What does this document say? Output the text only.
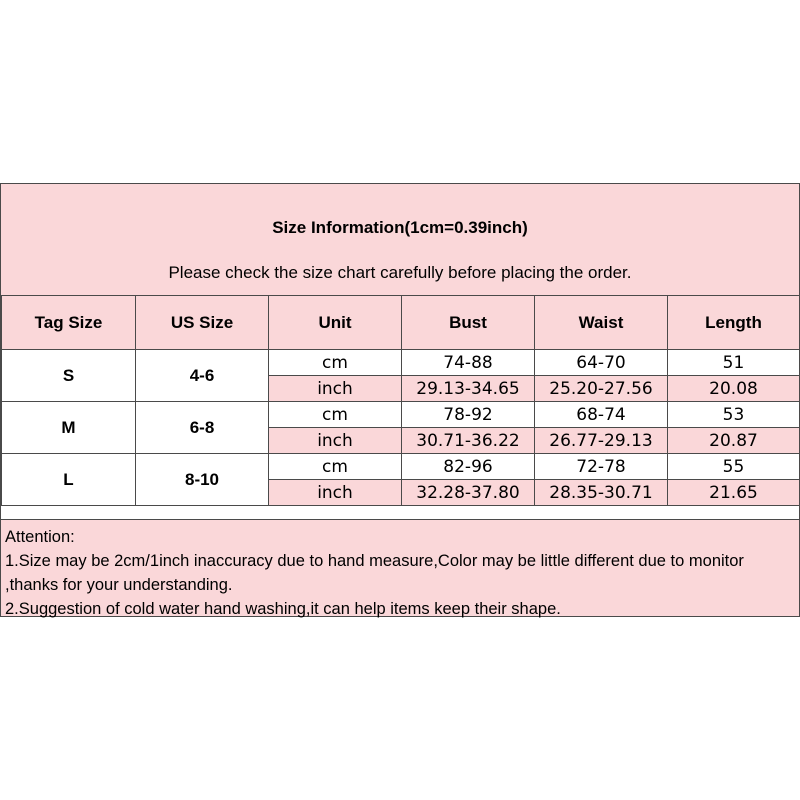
Size Information(1cm=0.39inch)
Please check the size chart carefully before placing the order.
Tag Size	US Size	Unit	Bust	Waist	Length
S	4-6	cm	74-88	64-70	51
		inch	29.13-34.65	25.20-27.56	20.08
M	6-8	cm	78-92	68-74	53
		inch	30.71-36.22	26.77-29.13	20.87
L	8-10	cm	82-96	72-78	55
		inch	32.28-37.80	28.35-30.71	21.65
Attention:
1.Size may be 2cm/1inch inaccuracy due to hand measure,Color may be little different due to monitor ,thanks for your understanding.
2.Suggestion of cold water hand washing,it can help items keep their shape.
